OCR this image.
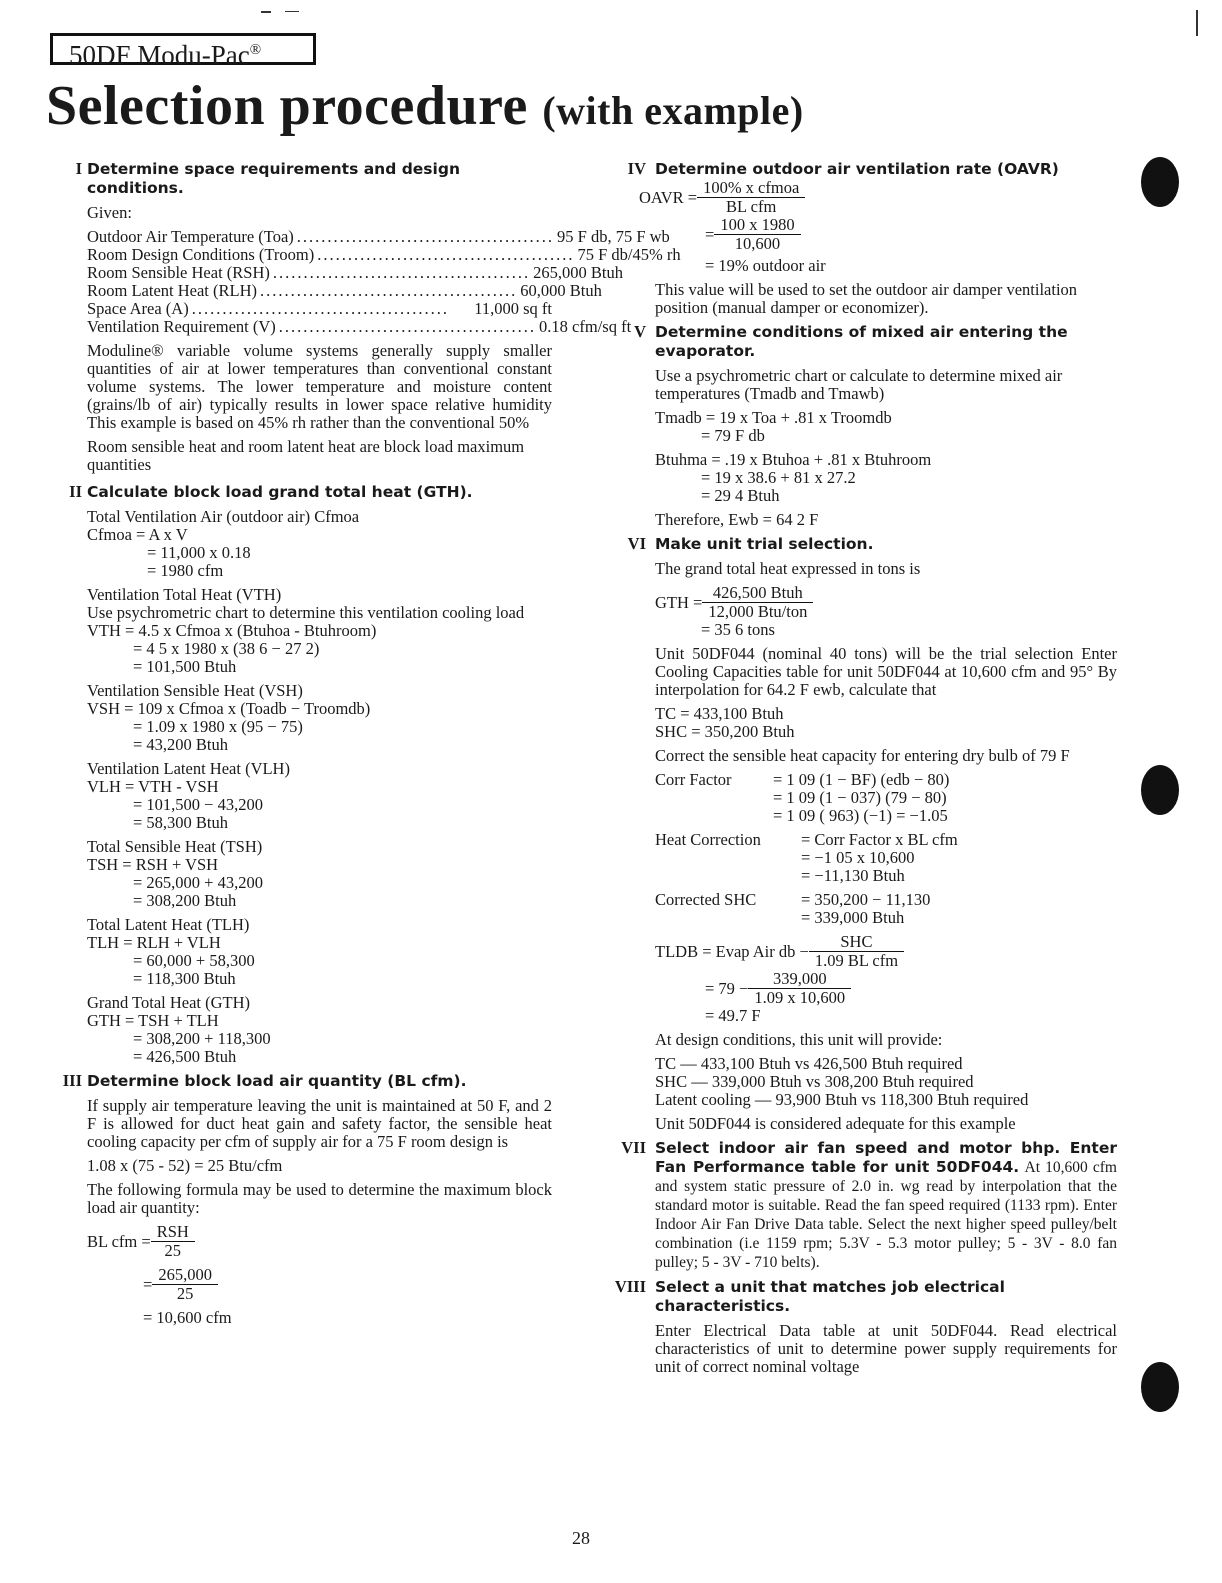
50DF Modu-Pac®
Selection procedure (with example)
I Determine space requirements and design conditions.

Given:

Outdoor Air Temperature (Toa) .......................................... 95 F db, 75 F wb
Room Design Conditions (Troom) .......................................... 75 F db/45% rh
Room Sensible Heat (RSH) .......................................... 265,000 Btuh
Room Latent Heat (RLH) .......................................... 60,000 Btuh
Space Area (A) ..........................................	11,000 sq ft
Ventilation Requirement (V) .......................................... 0.18 cfm/sq ft

Moduline® variable volume systems generally supply smaller quantities of air at lower temperatures than conventional constant volume systems. The lower temperature and moisture content (grains/lb of air) typically results in lower space relative humidity This example is based on 45% rh rather than the conventional 50%

Room sensible heat and room latent heat are block load maximum quantities

II Calculate block load grand total heat (GTH).

Total Ventilation Air (outdoor air) Cfmoa

Cfmoa = A x V

= 11,000 x 0.18

= 1980 cfm

Ventilation Total Heat (VTH)

Use psychrometric chart to determine this ventilation cooling load

VTH = 4.5 x Cfmoa x (Btuhoa - Btuhroom)

= 4 5 x 1980 x (38 6 − 27 2)

= 101,500 Btuh

Ventilation Sensible Heat (VSH)

VSH = 109 x Cfmoa x (Toadb − Troomdb)

= 1.09 x 1980 x (95 − 75)

= 43,200 Btuh

Ventilation Latent Heat (VLH)

VLH = VTH - VSH

= 101,500 − 43,200

= 58,300 Btuh

Total Sensible Heat (TSH)

TSH = RSH + VSH

= 265,000 + 43,200

= 308,200 Btuh

Total Latent Heat (TLH)

TLH = RLH + VLH

= 60,000 + 58,300

= 118,300 Btuh

Grand Total Heat (GTH)

GTH = TSH + TLH

= 308,200 + 118,300

= 426,500 Btuh

III Determine block load air quantity (BL cfm).

If supply air temperature leaving the unit is maintained at 50 F, and 2 F is allowed for duct heat gain and safety factor, the sensible heat cooling capacity per cfm of supply air for a 75 F room design is

1.08 x (75 - 52) = 25 Btu/cfm

The following formula may be used to determine the maximum block load air quantity:

BL cfm = $\frac{\text{RSH}}{25}$
= $\frac{265,000}{25}$

= 10,600 cfm

IV Determine outdoor air ventilation rate (OAVR)

OAVR = $\frac{\text{100\% x cfmoa}}{\text{BL cfm}}$
= $\frac{100 x 1980}{10,600}$

= 19% outdoor air

This value will be used to set the outdoor air damper ventilation position (manual damper or economizer).

V Determine conditions of mixed air entering the evaporator.

Use a psychrometric chart or calculate to determine mixed air temperatures (Tmadb and Tmawb)

Tmadb = 19 x Toa + .81 x Troomdb

= 79 F db

Btuhma = .19 x Btuhoa + .81 x Btuhroom

= 19 x 38.6 + 81 x 27.2

= 29 4 Btuh

Therefore, Ewb = 64 2 F

VI Make unit trial selection.

The grand total heat expressed in tons is

GTH = $\frac{\text{426,500 Btuh}}{\text{12,000 Btu/ton}}$

= 35 6 tons

Unit 50DF044 (nominal 40 tons) will be the trial selection Enter Cooling Capacities table for unit 50DF044 at 10,600 cfm and 95° By interpolation for 64.2 F ewb, calculate that

TC = 433,100 Btuh

SHC = 350,200 Btuh

Correct the sensible heat capacity for entering dry bulb of 79 F

Corr Factor	= 1 09 (1 − BF) (edb − 80)
= 1 09 (1 − 037) (79 − 80)
= 1 09 ( 963) (−1) = −1.05
Heat Correction	= Corr Factor x BL cfm
= −1 05 x 10,600
= −11,130 Btuh
Corrected SHC	= 350,200 − 11,130
= 339,000 Btuh
TLDB = Evap Air db − $\frac{\text{SHC}}{\text{1.09 BL cfm}}$
= $79 - \frac{339,000}{1.09 x 10,600}$

= 49.7 F

At design conditions, this unit will provide:

TC — 433,100 Btuh vs 426,500 Btuh required

SHC — 339,000 Btuh vs 308,200 Btuh required

Latent cooling — 93,900 Btuh vs 118,300 Btuh required

Unit 50DF044 is considered adequate for this example

VII Select indoor air fan speed and motor bhp. Enter Fan Performance table for unit 50DF044. At 10,600 cfm and system static pressure of 2.0 in. wg read by interpolation that the standard motor is suitable. Read the fan speed required (1133 rpm). Enter Indoor Air Fan Drive Data table. Select the next higher speed pulley/belt combination (i.e 1159 rpm; 5.3V - 5.3 motor pulley; 5 - 3V - 8.0 fan pulley; 5 - 3V - 710 belts).

VIII Select a unit that matches job electrical characteristics.

Enter Electrical Data table at unit 50DF044. Read electrical characteristics of unit to determine power supply requirements for unit of correct nominal voltage

28
